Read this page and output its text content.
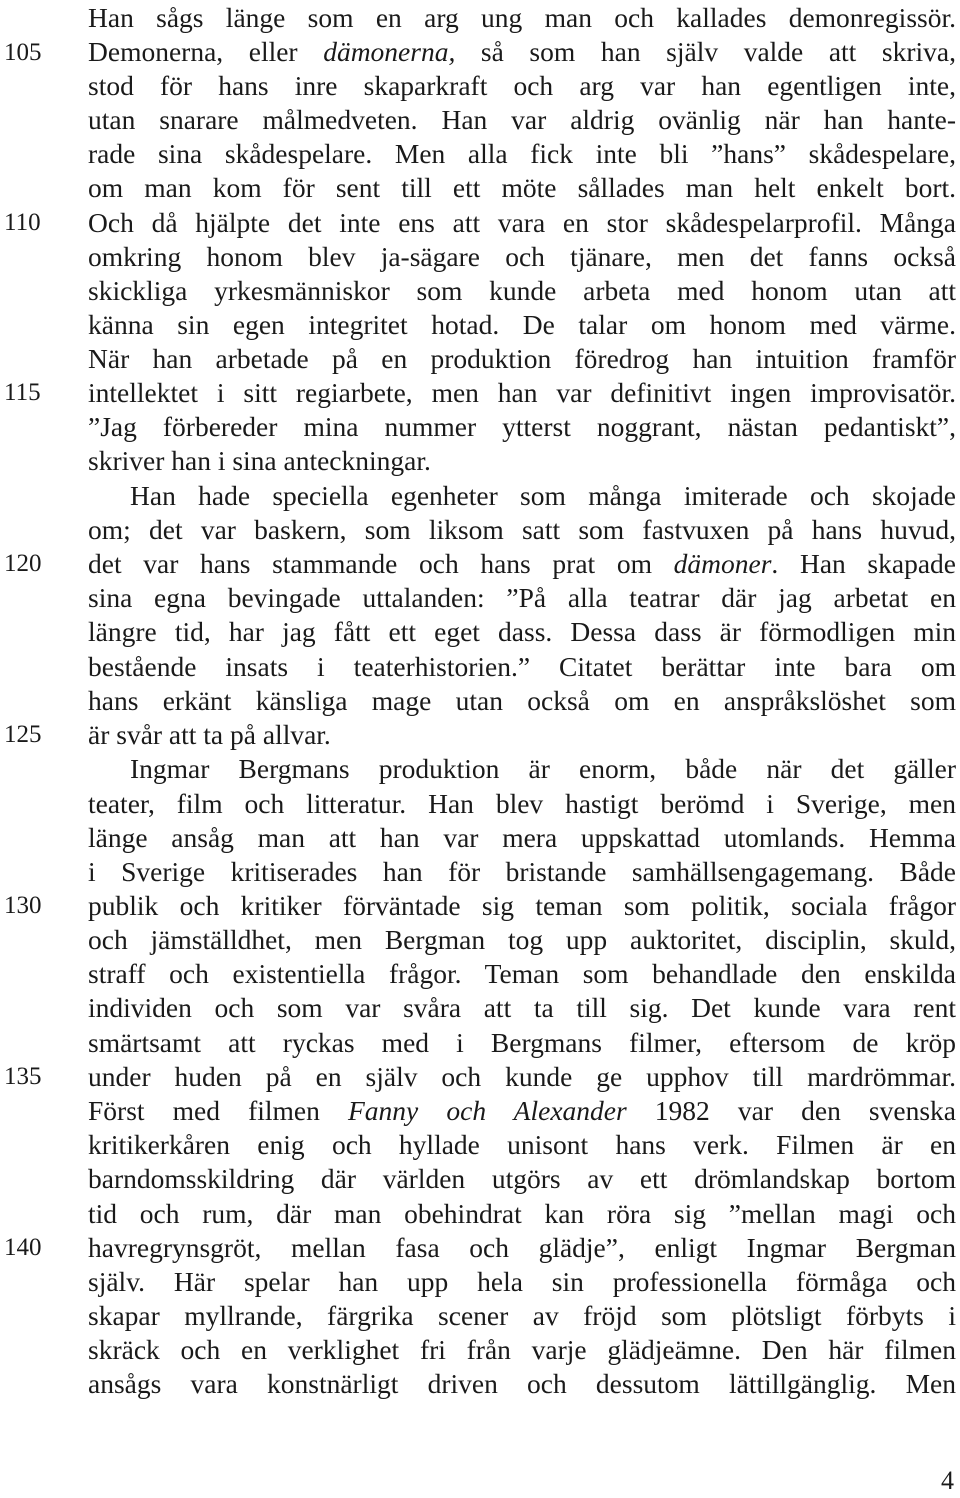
105
110
115
120
125
130
135
140
Han sågs länge som en arg ung man och kallades demonregissör.
Demonerna, eller dämonerna, så som han själv valde att skriva,
stod för hans inre skaparkraft och arg var han egentligen inte,
utan snarare målmedveten. Han var aldrig ovänlig när han hante-
rade sina skådespelare. Men alla fick inte bli ”hans” skådespelare,
om man kom för sent till ett möte sållades man helt enkelt bort.
Och då hjälpte det inte ens att vara en stor skådespelarprofil. Många
omkring honom blev ja-sägare och tjänare, men det fanns också
skickliga yrkesmänniskor som kunde arbeta med honom utan att
känna sin egen integritet hotad. De talar om honom med värme.
När han arbetade på en produktion föredrog han intuition framför
intellektet i sitt regiarbete, men han var definitivt ingen improvisatör.
”Jag förbereder mina nummer ytterst noggrant, nästan pedantiskt”,
skriver han i sina anteckningar.
Han hade speciella egenheter som många imiterade och skojade
om; det var baskern, som liksom satt som fastvuxen på hans huvud,
det var hans stammande och hans prat om dämoner. Han skapade
sina egna bevingade uttalanden: ”På alla teatrar där jag arbetat en
längre tid, har jag fått ett eget dass. Dessa dass är förmodligen min
bestående insats i teaterhistorien.” Citatet berättar inte bara om
hans erkänt känsliga mage utan också om en anspråkslöshet som
är svår att ta på allvar.
Ingmar Bergmans produktion är enorm, både när det gäller
teater, film och litteratur. Han blev hastigt berömd i Sverige, men
länge ansåg man att han var mera uppskattad utomlands. Hemma
i Sverige kritiserades han för bristande samhällsengagemang. Både
publik och kritiker förväntade sig teman som politik, sociala frågor
och jämställdhet, men Bergman tog upp auktoritet, disciplin, skuld,
straff och existentiella frågor. Teman som behandlade den enskilda
individen och som var svåra att ta till sig. Det kunde vara rent
smärtsamt att ryckas med i Bergmans filmer, eftersom de kröp
under huden på en själv och kunde ge upphov till mardrömmar.
Först med filmen Fanny och Alexander 1982 var den svenska
kritikerkåren enig och hyllade unisont hans verk. Filmen är en
barndomsskildring där världen utgörs av ett drömlandskap bortom
tid och rum, där man obehindrat kan röra sig ”mellan magi och
havregrynsgröt, mellan fasa och glädje”, enligt Ingmar Bergman
själv. Här spelar han upp hela sin professionella förmåga och
skapar myllrande, färgrika scener av fröjd som plötsligt förbyts i
skräck och en verklighet fri från varje glädjeämne. Den här filmen
ansågs vara konstnärligt driven och dessutom lättillgänglig. Men
4
